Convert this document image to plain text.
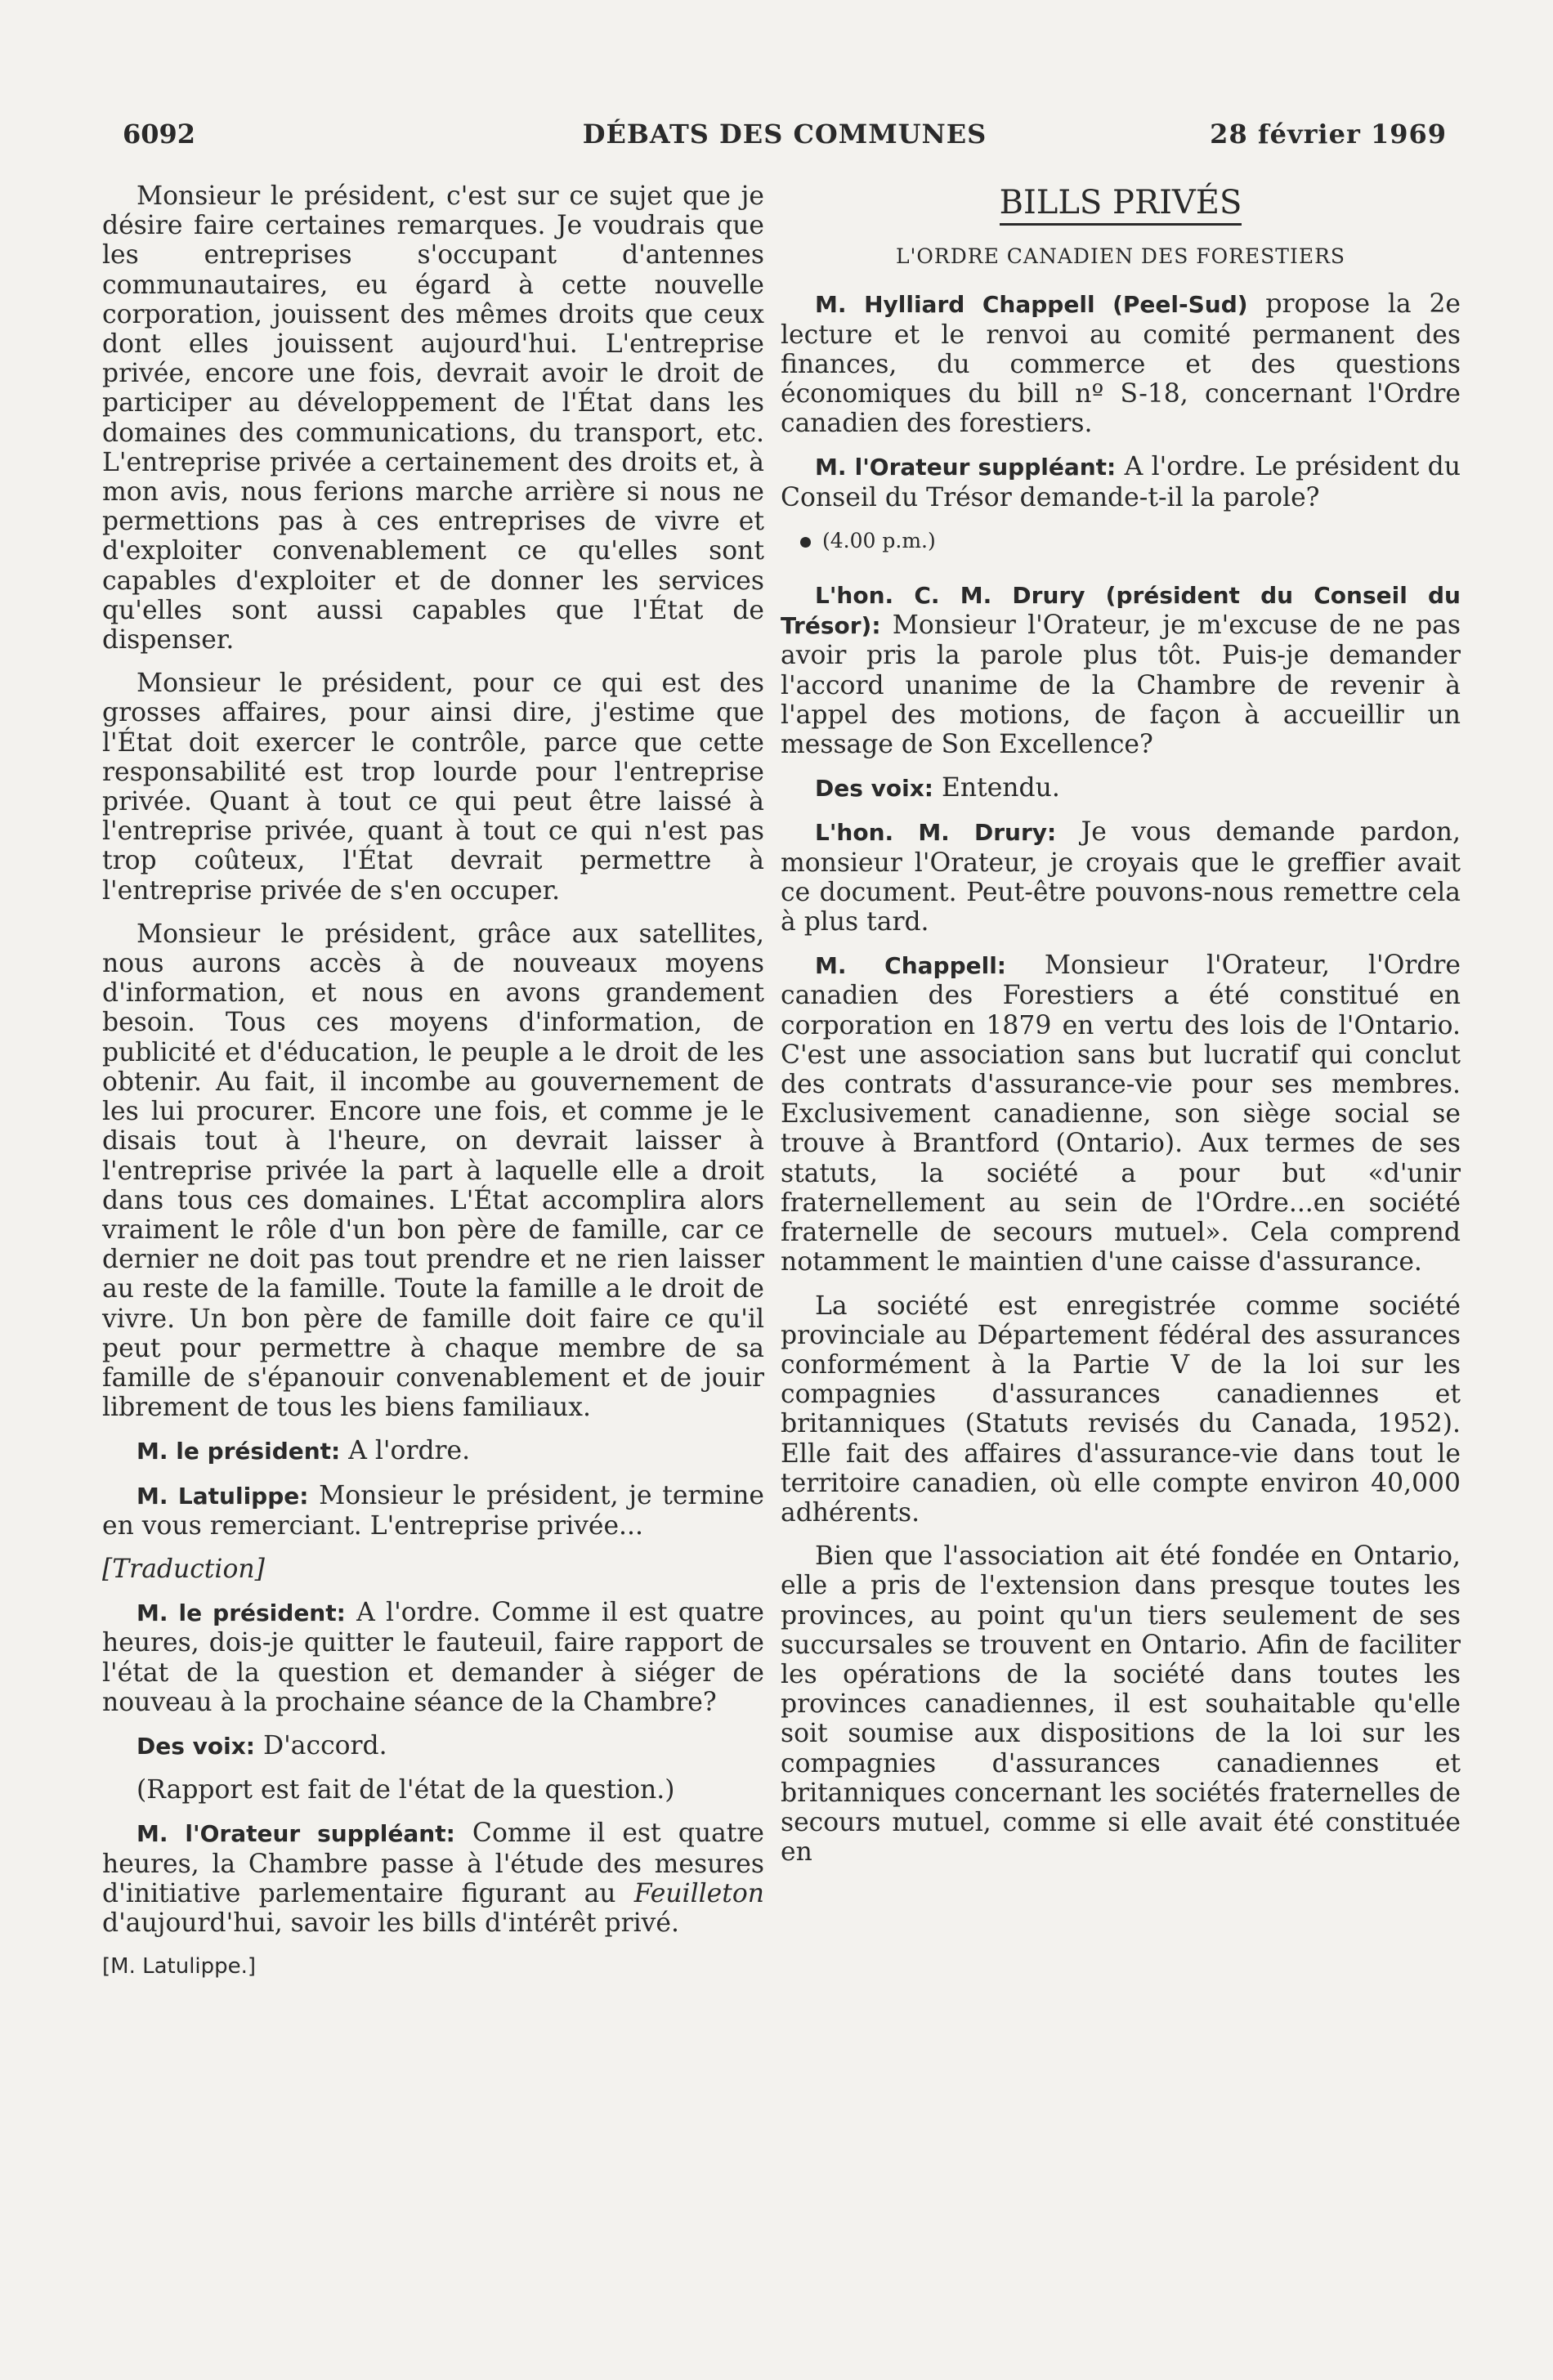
6092	DÉBATS DES COMMUNES	28 février 1969

Monsieur le président, c'est sur ce sujet que je désire faire certaines remarques. Je voudrais que les entreprises s'occupant d'antennes communautaires, eu égard à cette nouvelle corporation, jouissent des mêmes droits que ceux dont elles jouissent aujourd'hui. L'entreprise privée, encore une fois, devrait avoir le droit de participer au développement de l'État dans les domaines des communications, du transport, etc. L'entreprise privée a certainement des droits et, à mon avis, nous ferions marche arrière si nous ne permettions pas à ces entreprises de vivre et d'exploiter convenablement ce qu'elles sont capables d'exploiter et de donner les services qu'elles sont aussi capables que l'État de dispenser.

Monsieur le président, pour ce qui est des grosses affaires, pour ainsi dire, j'estime que l'État doit exercer le contrôle, parce que cette responsabilité est trop lourde pour l'entreprise privée. Quant à tout ce qui peut être laissé à l'entreprise privée, quant à tout ce qui n'est pas trop coûteux, l'État devrait permettre à l'entreprise privée de s'en occuper.

Monsieur le président, grâce aux satellites, nous aurons accès à de nouveaux moyens d'information, et nous en avons grandement besoin. Tous ces moyens d'information, de publicité et d'éducation, le peuple a le droit de les obtenir. Au fait, il incombe au gouvernement de les lui procurer. Encore une fois, et comme je le disais tout à l'heure, on devrait laisser à l'entreprise privée la part à laquelle elle a droit dans tous ces domaines. L'État accomplira alors vraiment le rôle d'un bon père de famille, car ce dernier ne doit pas tout prendre et ne rien laisser au reste de la famille. Toute la famille a le droit de vivre. Un bon père de famille doit faire ce qu'il peut pour permettre à chaque membre de sa famille de s'épanouir convenablement et de jouir librement de tous les biens familiaux.

M. le président: A l'ordre.

M. Latulippe: Monsieur le président, je termine en vous remerciant. L'entreprise privée...

[Traduction]

M. le président: A l'ordre. Comme il est quatre heures, dois-je quitter le fauteuil, faire rapport de l'état de la question et demander à siéger de nouveau à la prochaine séance de la Chambre?

Des voix: D'accord.

(Rapport est fait de l'état de la question.)

M. l'Orateur suppléant: Comme il est quatre heures, la Chambre passe à l'étude des mesures d'initiative parlementaire figurant au Feuilleton d'aujourd'hui, savoir les bills d'intérêt privé.

[M. Latulippe.]

BILLS PRIVÉS
L'ORDRE CANADIEN DES FORESTIERS

M. Hylliard Chappell (Peel-Sud) propose la 2e lecture et le renvoi au comité permanent des finances, du commerce et des questions économiques du bill nº S-18, concernant l'Ordre canadien des forestiers.

M. l'Orateur suppléant: A l'ordre. Le président du Conseil du Trésor demande-t-il la parole?

(4.00 p.m.)

L'hon. C. M. Drury (président du Conseil du Trésor): Monsieur l'Orateur, je m'excuse de ne pas avoir pris la parole plus tôt. Puis-je demander l'accord unanime de la Chambre de revenir à l'appel des motions, de façon à accueillir un message de Son Excellence?

Des voix: Entendu.

L'hon. M. Drury: Je vous demande pardon, monsieur l'Orateur, je croyais que le greffier avait ce document. Peut-être pouvons-nous remettre cela à plus tard.

M. Chappell: Monsieur l'Orateur, l'Ordre canadien des Forestiers a été constitué en corporation en 1879 en vertu des lois de l'Ontario. C'est une association sans but lucratif qui conclut des contrats d'assurance-vie pour ses membres. Exclusivement canadienne, son siège social se trouve à Brantford (Ontario). Aux termes de ses statuts, la société a pour but «d'unir fraternellement au sein de l'Ordre...en société fraternelle de secours mutuel». Cela comprend notamment le maintien d'une caisse d'assurance.

La société est enregistrée comme société provinciale au Département fédéral des assurances conformément à la Partie V de la loi sur les compagnies d'assurances canadiennes et britanniques (Statuts revisés du Canada, 1952). Elle fait des affaires d'assurance-vie dans tout le territoire canadien, où elle compte environ 40,000 adhérents.

Bien que l'association ait été fondée en Ontario, elle a pris de l'extension dans presque toutes les provinces, au point qu'un tiers seulement de ses succursales se trouvent en Ontario. Afin de faciliter les opérations de la société dans toutes les provinces canadiennes, il est souhaitable qu'elle soit soumise aux dispositions de la loi sur les compagnies d'assurances canadiennes et britanniques concernant les sociétés fraternelles de secours mutuel, comme si elle avait été constituée en
